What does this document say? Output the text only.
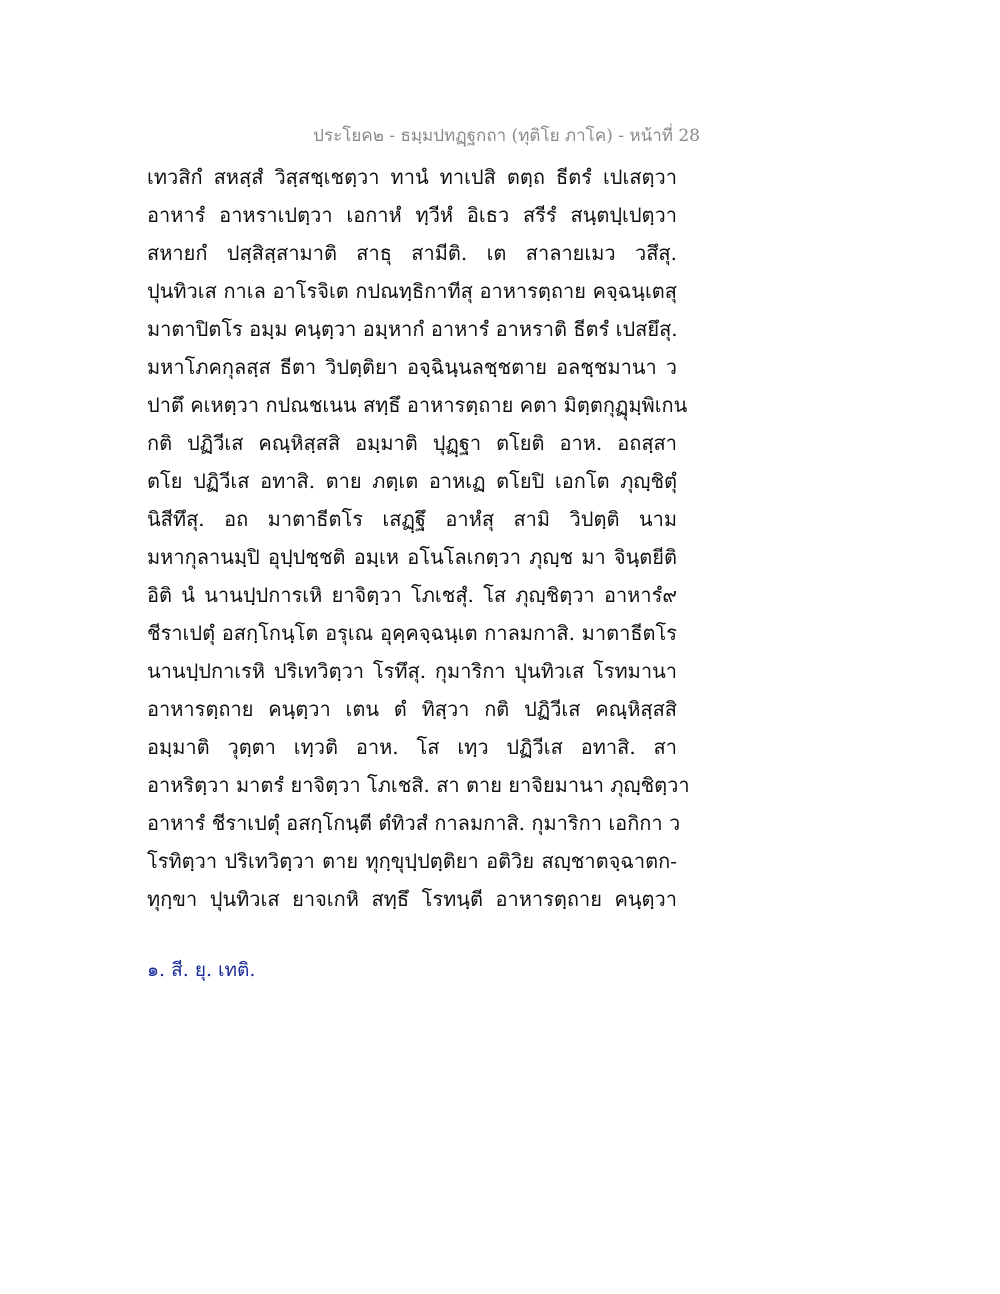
ประโยค๒ - ธมฺมปทฏฺฐกถา (ทุติโย ภาโค) - หน้าที่ 28
เทวสิกํ สหสฺสํ วิสฺสชฺเชตฺวา ทานํ ทาเปสิ ตตฺถ ธีตรํ เปเสตฺวา
อาหารํ อาหราเปตฺวา เอกาหํ ทฺวีหํ อิเธว สรีรํ สนฺตปฺเปตฺวา
สหายกํ ปสฺสิสฺสามาติ สาธุ สามีติ. เต สาลายเมว วสึสุ.
ปุนทิวเส กาเล อาโรจิเต กปณทฺธิกาทีสุ อาหารตฺถาย คจฺฉนฺเตสุ
มาตาปิตโร อมฺม คนฺตฺวา อมฺหากํ อาหารํ อาหราติ ธีตรํ เปสยึสุ.
มหาโภคกุลสฺส ธีตา วิปตฺติยา อจฺฉินฺนลชฺชตาย อลชฺชมานา ว
ปาตึ คเหตฺวา กปณชเนน สทฺธึ อาหารตฺถาย คตา มิตฺตกุฏุมฺพิเกน
กติ ปฏิวีเส คณฺหิสฺสสิ อมฺมาติ ปุฏฺฐา ตโยติ อาห. อถสฺสา
ตโย ปฏิวีเส อทาสิ. ตาย ภตฺเต อาหเฏ ตโยปิ เอกโต ภุญฺชิตุํ
นิสีทึสุ. อถ มาตาธีตโร เสฏฺฐึ อาหํสุ สามิ วิปตฺติ นาม
มหากุลานมฺปิ อุปฺปชฺชติ อมฺเห อโนโลเกตฺวา ภุญฺช มา จินฺตยีติ
อิติ นํ นานปฺปการเหิ ยาจิตฺวา โภเชสุํ. โส ภุญฺชิตฺวา อาหารํ๙
ชีราเปตุํ อสกฺโกนฺโต อรุเณ อุคฺคจฺฉนฺเต กาลมกาสิ. มาตาธีตโร
นานปฺปกาเรหิ ปริเทวิตฺวา โรทึสุ. กุมาริกา ปุนทิวเส โรทมานา
อาหารตฺถาย คนฺตฺวา เตน ตํ ทิสฺวา กติ ปฏิวีเส คณฺหิสฺสสิ
อมฺมาติ วุตฺตา เทฺวติ อาห. โส เทฺว ปฏิวีเส อทาสิ. สา
อาหริตฺวา มาตรํ ยาจิตฺวา โภเชสิ. สา ตาย ยาจิยมานา ภุญฺชิตฺวา
อาหารํ ชีราเปตุํ อสกฺโกนฺตี ตํทิวสํ กาลมกาสิ. กุมาริกา เอกิกา ว
โรทิตฺวา ปริเทวิตฺวา ตาย ทุกฺขุปฺปตฺติยา อติวิย สญฺชาตจฺฉาตก-
ทุกฺขา ปุนทิวเส ยาจเกหิ สทฺธึ โรทนฺตี อาหารตฺถาย คนฺตฺวา
๑. สี. ยุ. เทติ.
